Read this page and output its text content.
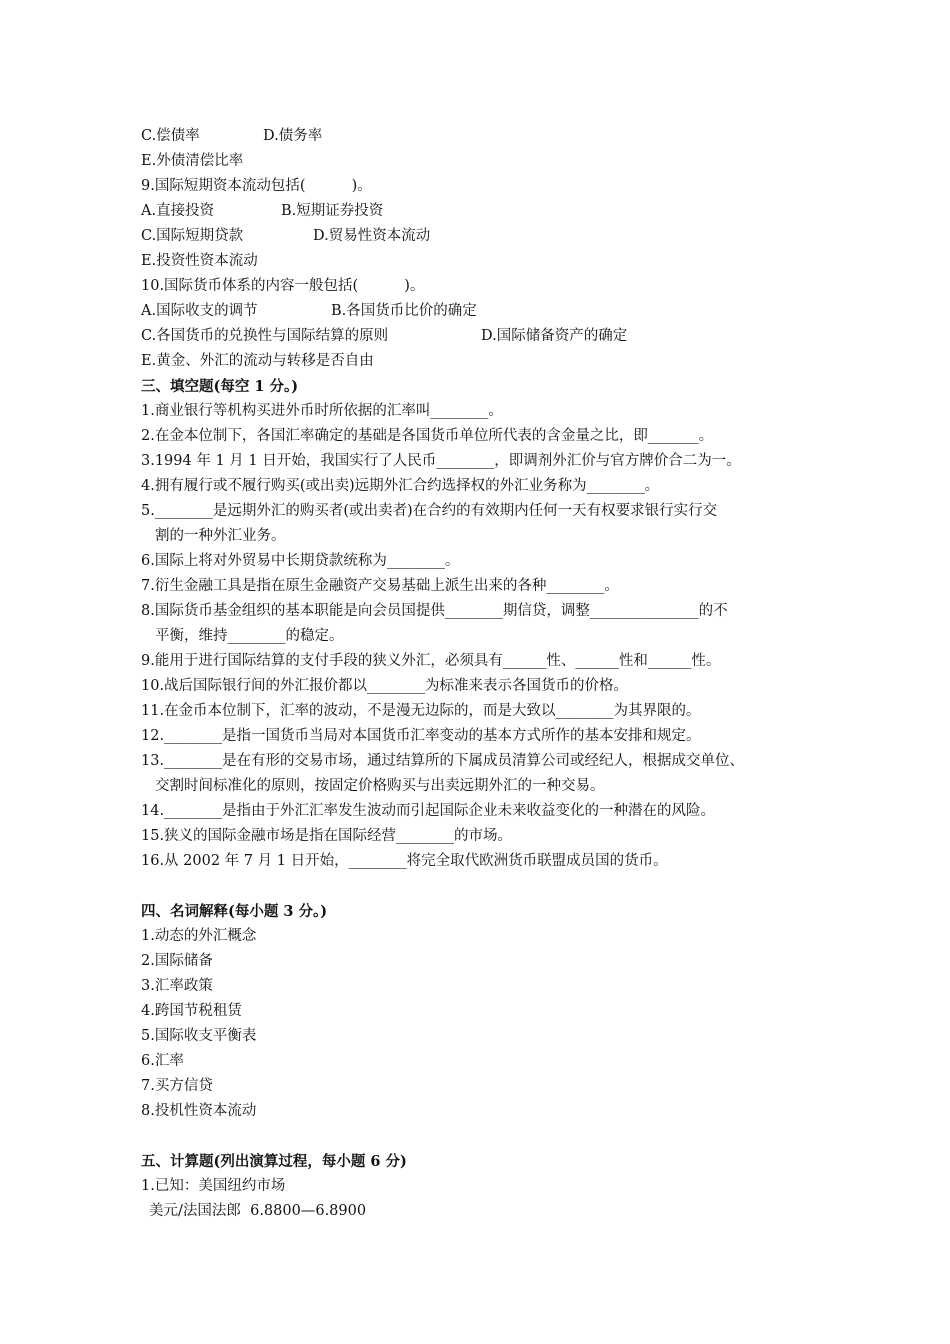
C.偿债率	D.债务率
E.外债清偿比率
9.国际短期资本流动包括(          )。
A.直接投资	B.短期证券投资
C.国际短期贷款	D.贸易性资本流动
E.投资性资本流动
10.国际货币体系的内容一般包括(          )。
A.国际收支的调节	B.各国货币比价的确定
C.各国货币的兑换性与国际结算的原则	D.国际储备资产的确定
E.黄金、外汇的流动与转移是否自由
三、填空题(每空 1 分。)
1.商业银行等机构买进外币时所依据的汇率叫________。
2.在金本位制下，各国汇率确定的基础是各国货币单位所代表的含金量之比，即_______。
3.1994 年 1 月 1 日开始，我国实行了人民币________，即调剂外汇价与官方牌价合二为一。
4.拥有履行或不履行购买(或出卖)远期外汇合约选择权的外汇业务称为________。
5.________是远期外汇的购买者(或出卖者)在合约的有效期内任何一天有权要求银行实行交
割的一种外汇业务。
6.国际上将对外贸易中长期贷款统称为________。
7.衍生金融工具是指在原生金融资产交易基础上派生出来的各种________。
8.国际货币基金组织的基本职能是向会员国提供________期信贷，调整_______________的不
平衡，维持________的稳定。
9.能用于进行国际结算的支付手段的狭义外汇，必须具有______性、______性和______性。
10.战后国际银行间的外汇报价都以________为标准来表示各国货币的价格。
11.在金币本位制下，汇率的波动，不是漫无边际的，而是大致以________为其界限的。
12.________是指一国货币当局对本国货币汇率变动的基本方式所作的基本安排和规定。
13.________是在有形的交易市场，通过结算所的下属成员清算公司或经纪人，根据成交单位、
交割时间标准化的原则，按固定价格购买与出卖远期外汇的一种交易。
14.________是指由于外汇汇率发生波动而引起国际企业未来收益变化的一种潜在的风险。
15.狭义的国际金融市场是指在国际经营________的市场。
16.从 2002 年 7 月 1 日开始，________将完全取代欧洲货币联盟成员国的货币。
四、名词解释(每小题 3 分。)
1.动态的外汇概念
2.国际储备
3.汇率政策
4.跨国节税租赁
5.国际收支平衡表
6.汇率
7.买方信贷
8.投机性资本流动
五、计算题(列出演算过程，每小题 6 分)
1.已知：美国纽约市场
美元/法国法郎  6.8800—6.8900
